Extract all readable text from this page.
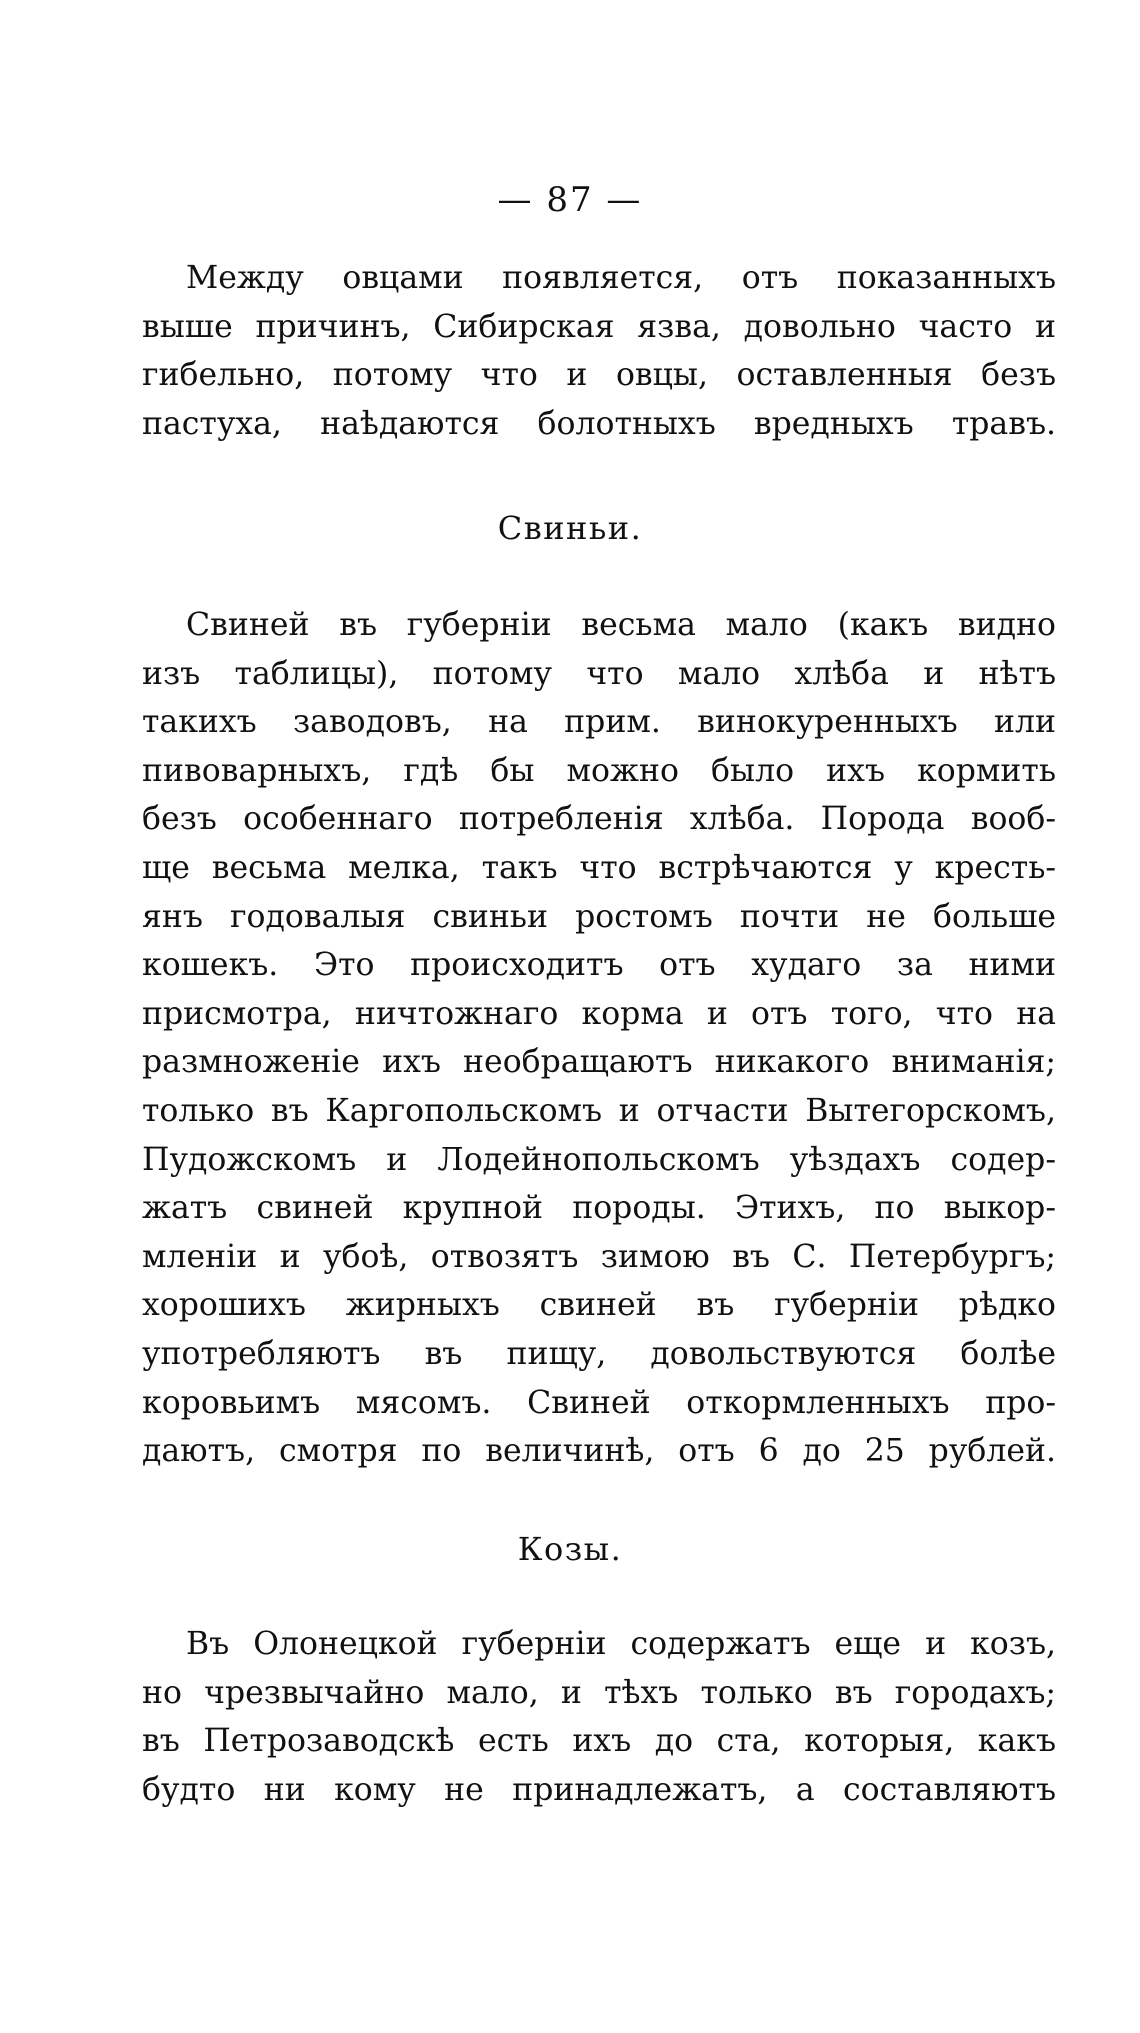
— 87 —
Между овцами появляется, отъ показанныхъ
выше причинъ, Сибирская язва, довольно часто и
гибельно, потому что и овцы, оставленныя безъ
пастуха, наѣдаются болотныхъ вредныхъ травъ.
Свиньи.
Свиней въ губерніи весьма мало (какъ видно
изъ таблицы), потому что мало хлѣба и нѣтъ
такихъ заводовъ, на прим. винокуренныхъ или
пивоварныхъ, гдѣ бы можно было ихъ кормить
безъ особеннаго потребленія хлѣба. Порода вооб-
ще весьма мелка, такъ что встрѣчаются у кресть-
янъ годовалыя свиньи ростомъ почти не больше
кошекъ. Это происходитъ отъ худаго за ними
присмотра, ничтожнаго корма и отъ того, что на
размноженіе ихъ необращаютъ никакого вниманія;
только въ Каргопольскомъ и отчасти Вытегорскомъ,
Пудожскомъ и Лодейнопольскомъ уѣздахъ содер-
жатъ свиней крупной породы. Этихъ, по выкор-
мленіи и убоѣ, отвозятъ зимою въ С. Петербургъ;
хорошихъ жирныхъ свиней въ губерніи рѣдко
употребляютъ въ пищу, довольствуются болѣе
коровьимъ мясомъ. Свиней откормленныхъ про-
даютъ, смотря по величинѣ, отъ 6 до 25 рублей.
Козы.
Въ Олонецкой губерніи содержатъ еще и козъ,
но чрезвычайно мало, и тѣхъ только въ городахъ;
въ Петрозаводскѣ есть ихъ до ста, которыя, какъ
будто ни кому не принадлежатъ, а составляютъ
